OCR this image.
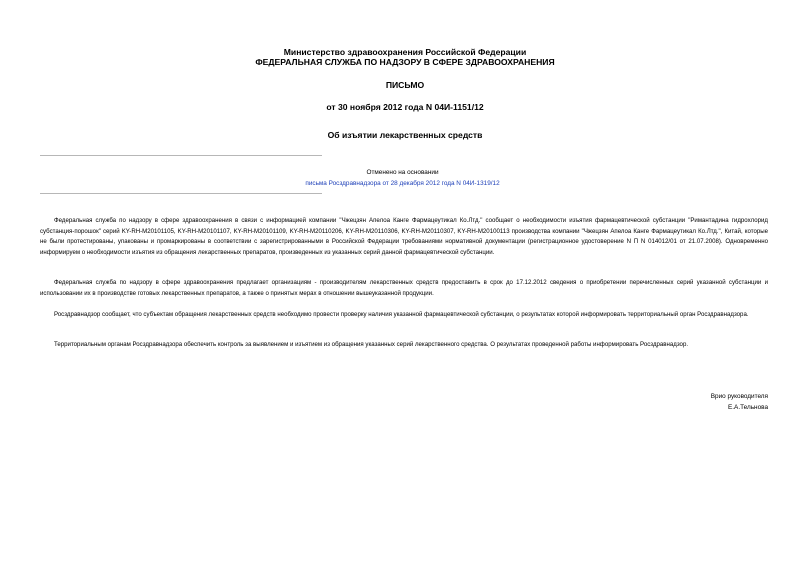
Министерство здравоохранения Российской Федерации
ФЕДЕРАЛЬНАЯ СЛУЖБА ПО НАДЗОРУ В СФЕРЕ ЗДРАВООХРАНЕНИЯ
ПИСЬМО
от 30 ноября 2012 года N 04И-1151/12
Об изъятии лекарственных средств
Отменено на основании
письма Росздравнадзора от 28 декабря 2012 года N 04И-1319/12

Федеральная служба по надзору в сфере здравоохранения в связи с информацией компании "Чжецзян Апелоа Канге Фармацеутикал Ко.Лтд." сообщает о необходимости изъятия фармацевтической субстанции "Римантадина гидрохлорид субстанция-порошок" серий KY-RH-M20101105, KY-RH-M20101107, KY-RH-M20101109, KY-RH-M20110206, KY-RH-M20110306, KY-RH-M20110307, KY-RH-M20100113 производства компании "Чжецзян Апелоа Канге Фармацеутикал Ко.Лтд.", Китай, которые не были протестированы, упакованы и промаркированы в соответствии с зарегистрированными в Российской Федерации требованиями нормативной документации (регистрационное удостоверение N П N 014012/01 от 21.07.2008). Одновременно информируем о необходимости изъятия из обращения лекарственных препаратов, произведенных из указанных серий данной фармацевтической субстанции.

Федеральная служба по надзору в сфере здравоохранения предлагает организациям - производителям лекарственных средств предоставить в срок до 17.12.2012 сведения о приобретении перечисленных серий указанной субстанции и использовании их в производстве готовых лекарственных препаратов, а также о принятых мерах в отношении вышеуказанной продукции.

Росздравнадзор сообщает, что субъектам обращения лекарственных средств необходимо провести проверку наличия указанной фармацевтической субстанции, о результатах которой информировать территориальный орган Росздравнадзора.

Территориальным органам Росздравнадзора обеспечить контроль за выявлением и изъятием из обращения указанных серий лекарственного средства. О результатах проведенной работы информировать Росздравнадзор.

Врио руководителя
Е.А.Тельнова
